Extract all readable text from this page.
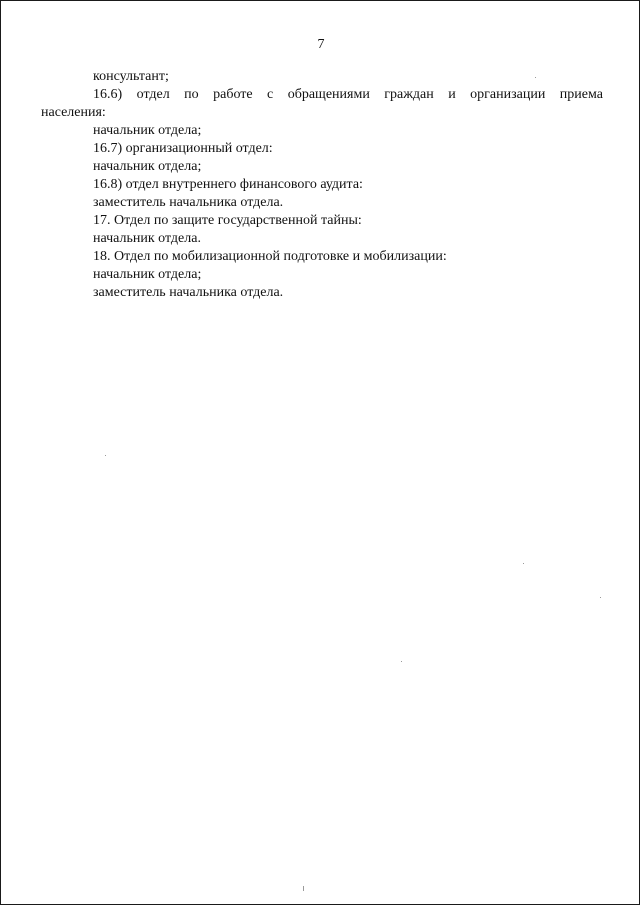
7
консультант;
16.6) отдел по работе с обращениями граждан и организации приема
населения:
начальник отдела;
16.7) организационный отдел:
начальник отдела;
16.8) отдел внутреннего финансового аудита:
заместитель начальника отдела.
17. Отдел по защите государственной тайны:
начальник отдела.
18. Отдел по мобилизационной подготовке и мобилизации:
начальник отдела;
заместитель начальника отдела.
